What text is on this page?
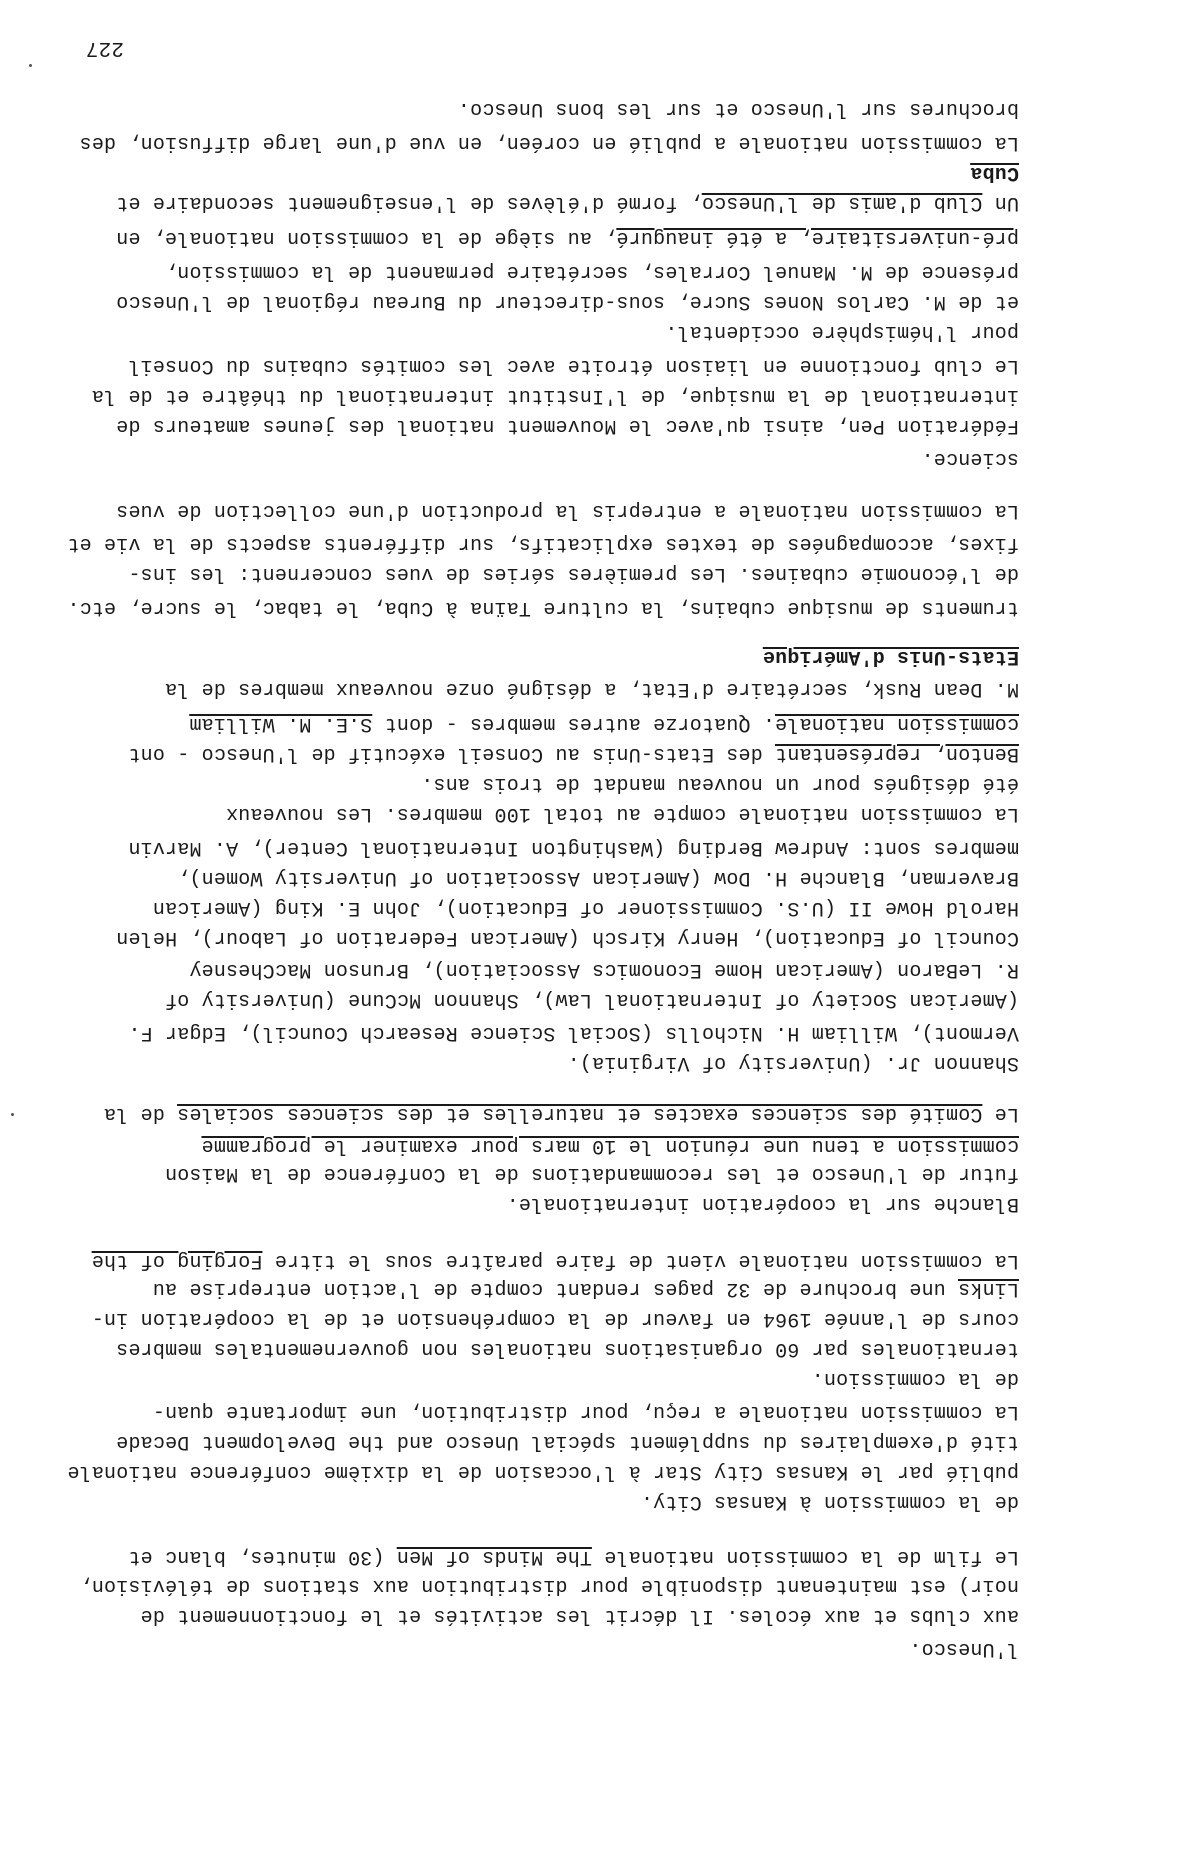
227
La commission nationale a publié en coréen, en vue d'une large diffusion, des
brochures sur l'Unesco et sur les bons Unesco.
Cuba
Un Club d'amis de l'Unesco, formé d'élèves de l'enseignement secondaire et
pré-universitaire, a été inauguré, au siège de la commission nationale, en
présence de M. Manuel Corrales, secrétaire permanent de la commission,
et de M. Carlos Nones Sucre, sous-directeur du Bureau régional de l'Unesco
pour l'hémisphère occidental.
Le club fonctionne en liaison étroite avec les comités cubains du Conseil
international de la musique, de l'Institut international du théâtre et de la
Fédération Pen, ainsi qu'avec le Mouvement national des jeunes amateurs de
science.
La commission nationale a entrepris la production d'une collection de vues
fixes, accompagnées de textes explicatifs, sur différents aspects de la vie et
de l'économie cubaines. Les premières séries de vues concernent: les ins-
truments de musique cubains, la culture Taïna à Cuba, le tabac, le sucre, etc.
Etats-Unis d'Amérique
M. Dean Rusk, secrétaire d'Etat, a désigné onze nouveaux membres de la
commission nationale. Quatorze autres membres - dont S.E. M. William
Benton, représentant des Etats-Unis au Conseil exécutif de l'Unesco - ont
été désignés pour un nouveau mandat de trois ans.
La commission nationale compte au total 100 membres. Les nouveaux
membres sont: Andrew Berding (Washington International Center), A. Marvin
Braverman, Blanche H. Dow (American Association of University Women),
Harold Howe II (U.S. Commissioner of Education), John E. King (American
Council of Education), Henry Kirsch (American Federation of Labour), Helen
R. LeBaron (American Home Economics Association), Brunson MacChesney
(American Society of International Law), Shannon McCune (University of
Vermont), William H. Nicholls (Social Science Research Council), Edgar F.
Shannon Jr. (University of Virginia).
Le Comité des sciences exactes et naturelles et des sciences sociales de la
commission a tenu une réunion le 10 mars pour examiner le programme
futur de l'Unesco et les recommandations de la Conférence de la Maison
Blanche sur la coopération internationale.
La commission nationale vient de faire paraître sous le titre Forging of the
Links une brochure de 32 pages rendant compte de l'action entreprise au
cours de l'année 1964 en faveur de la compréhension et de la coopération in-
ternationales par 60 organisations nationales non gouvernementales membres
de la commission.
La commission nationale a reçu, pour distribution, une importante quan-
tité d'exemplaires du supplément spécial Unesco and the Development Decade
publié par le Kansas City Star à l'occasion de la dixième conférence nationale
de la commission à Kansas City.
Le film de la commission nationale The Minds of Men (30 minutes, blanc et
noir) est maintenant disponible pour distribution aux stations de télévision,
aux clubs et aux écoles. Il décrit les activités et le fonctionnement de
l'Unesco.
